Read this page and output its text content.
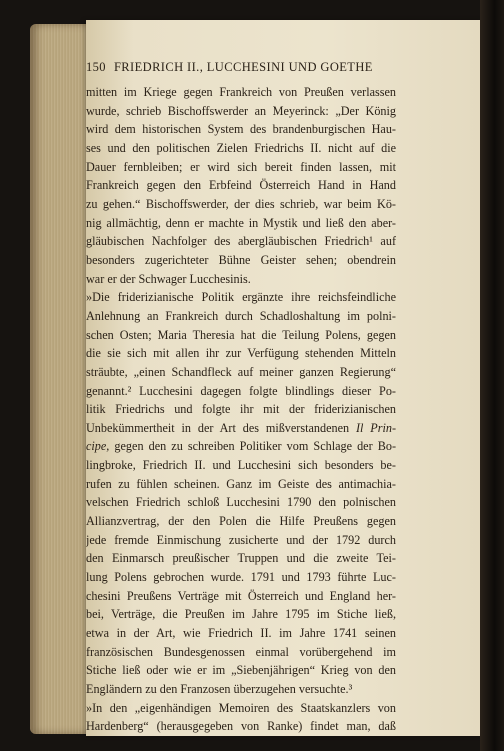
150 FRIEDRICH II., LUCCHESINI UND GOETHE
mitten im Kriege gegen Frankreich von Preußen verlassen
wurde, schrieb Bischoffswerder an Meyerinck: „Der König
wird dem historischen System des brandenburgischen Hau-
ses und den politischen Zielen Friedrichs II. nicht auf die
Dauer fernbleiben; er wird sich bereit finden lassen, mit
Frankreich gegen den Erbfeind Österreich Hand in Hand
zu gehen.“ Bischoffswerder, der dies schrieb, war beim Kö-
nig allmächtig, denn er machte in Mystik und ließ den aber-
gläubischen Nachfolger des abergläubischen Friedrich¹ auf
besonders zugerichteter Bühne Geister sehen; obendrein
war er der Schwager Lucchesinis.
»Die friderizianische Politik ergänzte ihre reichsfeindliche
Anlehnung an Frankreich durch Schadloshaltung im polni-
schen Osten; Maria Theresia hat die Teilung Polens, gegen
die sie sich mit allen ihr zur Verfügung stehenden Mitteln
sträubte, „einen Schandfleck auf meiner ganzen Regierung“
genannt.² Lucchesini dagegen folgte blindlings dieser Po-
litik Friedrichs und folgte ihr mit der friderizianischen
Unbekümmertheit in der Art des mißverstandenen Il Prin-
cipe, gegen den zu schreiben Politiker vom Schlage der Bo-
lingbroke, Friedrich II. und Lucchesini sich besonders be-
rufen zu fühlen scheinen. Ganz im Geiste des antimachia-
velschen Friedrich schloß Lucchesini 1790 den polnischen
Allianzvertrag, der den Polen die Hilfe Preußens gegen
jede fremde Einmischung zusicherte und der 1792 durch
den Einmarsch preußischer Truppen und die zweite Tei-
lung Polens gebrochen wurde. 1791 und 1793 führte Luc-
chesini Preußens Verträge mit Österreich und England her-
bei, Verträge, die Preußen im Jahre 1795 im Stiche ließ,
etwa in der Art, wie Friedrich II. im Jahre 1741 seinen
französischen Bundesgenossen einmal vorübergehend im
Stiche ließ oder wie er im „Siebenjährigen“ Krieg von den
Engländern zu den Franzosen überzugehen versuchte.³
»In den „eigenhändigen Memoiren des Staatskanzlers von
Hardenberg“ (herausgegeben von Ranke) findet man, daß
